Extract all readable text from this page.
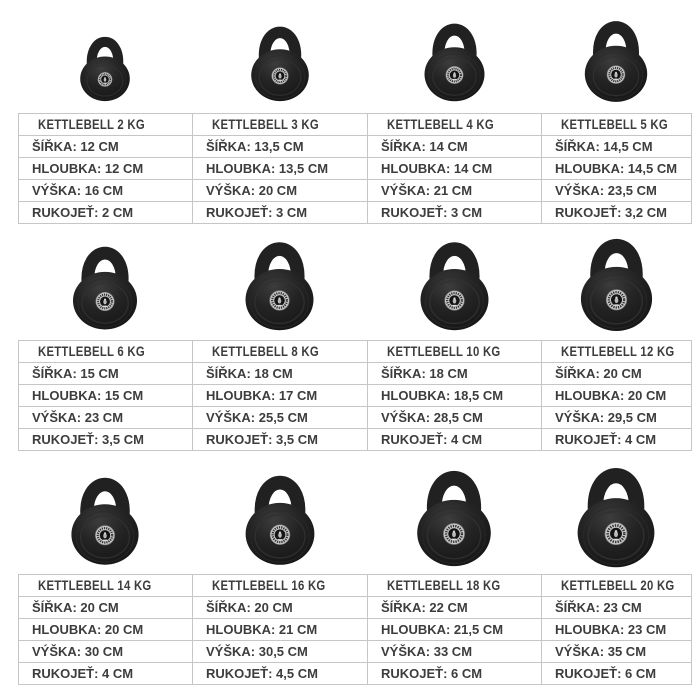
KETTLEBELL 2 KG	KETTLEBELL 3 KG	KETTLEBELL 4 KG	KETTLEBELL 5 KG
ŠÍŘKA: 12 CM	ŠÍŘKA: 13,5 CM	ŠÍŘKA: 14 CM	ŠÍŘKA: 14,5 CM
HLOUBKA: 12 CM	HLOUBKA: 13,5 CM	HLOUBKA: 14 CM	HLOUBKA: 14,5 CM
VÝŠKA: 16 CM	VÝŠKA: 20 CM	VÝŠKA: 21 CM	VÝŠKA: 23,5 CM
RUKOJEŤ: 2 CM	RUKOJEŤ: 3 CM	RUKOJEŤ: 3 CM	RUKOJEŤ: 3,2 CM
KETTLEBELL 6 KG	KETTLEBELL 8 KG	KETTLEBELL 10 KG	KETTLEBELL 12 KG
ŠÍŘKA: 15 CM	ŠÍŘKA: 18 CM	ŠÍŘKA: 18 CM	ŠÍŘKA: 20 CM
HLOUBKA: 15 CM	HLOUBKA: 17 CM	HLOUBKA: 18,5 CM	HLOUBKA: 20 CM
VÝŠKA: 23 CM	VÝŠKA: 25,5 CM	VÝŠKA: 28,5 CM	VÝŠKA: 29,5 CM
RUKOJEŤ: 3,5 CM	RUKOJEŤ: 3,5 CM	RUKOJEŤ: 4 CM	RUKOJEŤ: 4 CM
KETTLEBELL 14 KG	KETTLEBELL 16 KG	KETTLEBELL 18 KG	KETTLEBELL 20 KG
ŠÍŘKA: 20 CM	ŠÍŘKA: 20 CM	ŠÍŘKA: 22 CM	ŠÍŘKA: 23 CM
HLOUBKA: 20 CM	HLOUBKA: 21 CM	HLOUBKA: 21,5 CM	HLOUBKA: 23 CM
VÝŠKA: 30 CM	VÝŠKA: 30,5 CM	VÝŠKA: 33 CM	VÝŠKA: 35 CM
RUKOJEŤ: 4 CM	RUKOJEŤ: 4,5 CM	RUKOJEŤ: 6 CM	RUKOJEŤ: 6 CM
